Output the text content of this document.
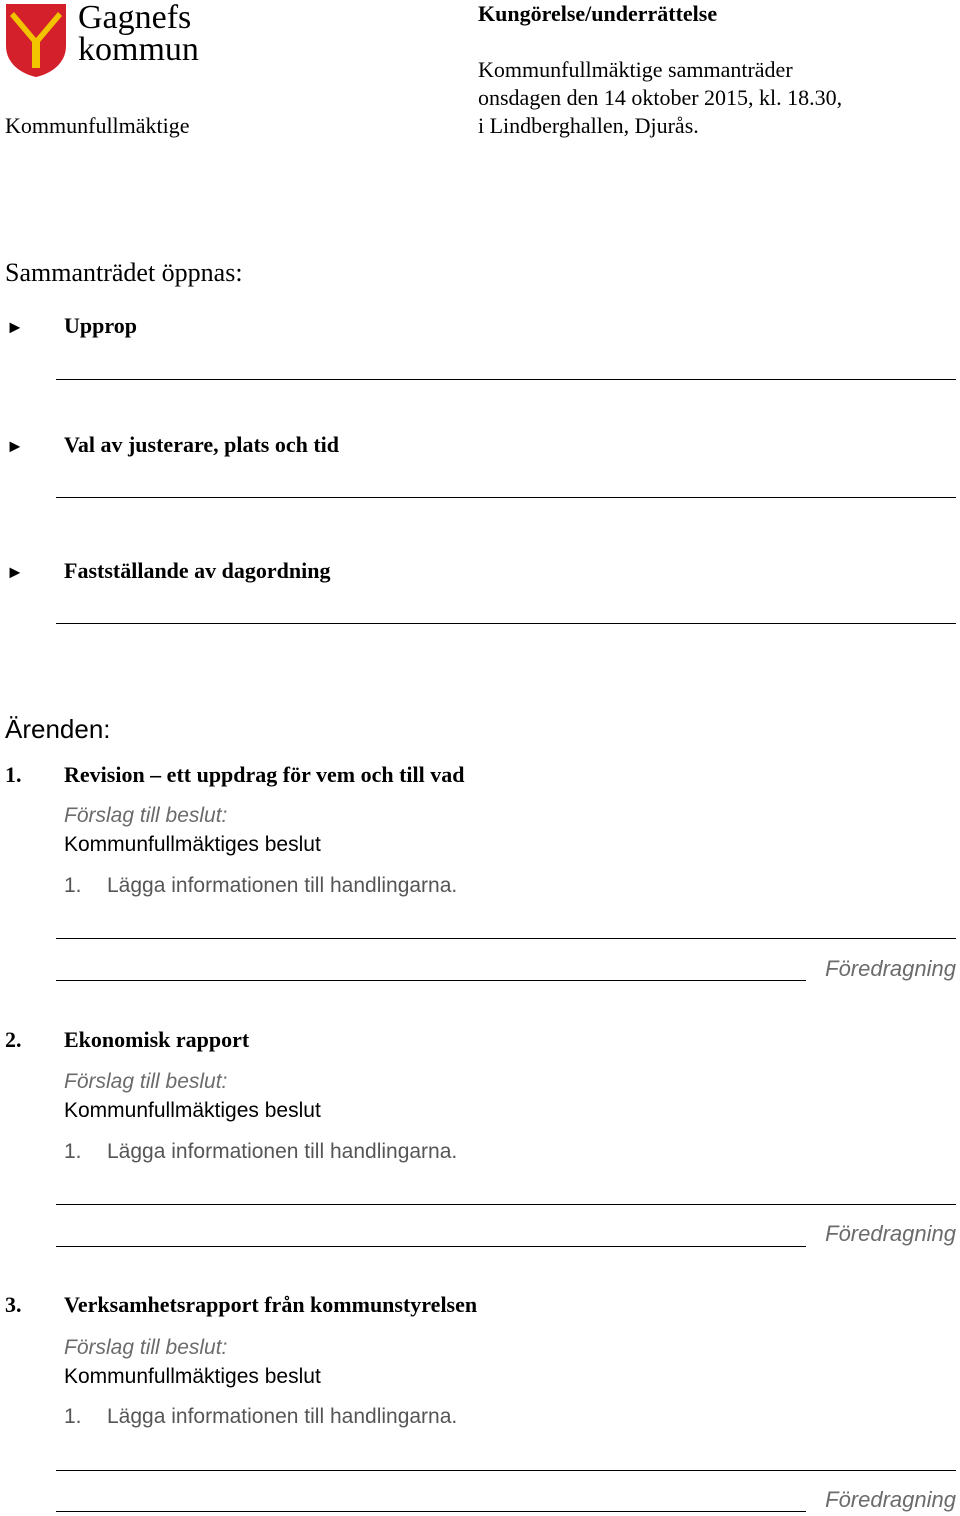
Gagnefs
kommun
Kommunfullmäktige
Kungörelse/underrättelse
Kommunfullmäktige sammanträder
onsdagen den 14 oktober 2015, kl. 18.30,
i Lindberghallen, Djurås.
Sammanträdet öppnas:
► Upprop
► Val av justerare, plats och tid
► Fastställande av dagordning
Ärenden:
1. Revision – ett uppdrag för vem och till vad
Förslag till beslut:
Kommunfullmäktiges beslut
1. Lägga informationen till handlingarna.
Föredragning
2. Ekonomisk rapport
Förslag till beslut:
Kommunfullmäktiges beslut
1. Lägga informationen till handlingarna.
Föredragning
3. Verksamhetsrapport från kommunstyrelsen
Förslag till beslut:
Kommunfullmäktiges beslut
1. Lägga informationen till handlingarna.
Föredragning
